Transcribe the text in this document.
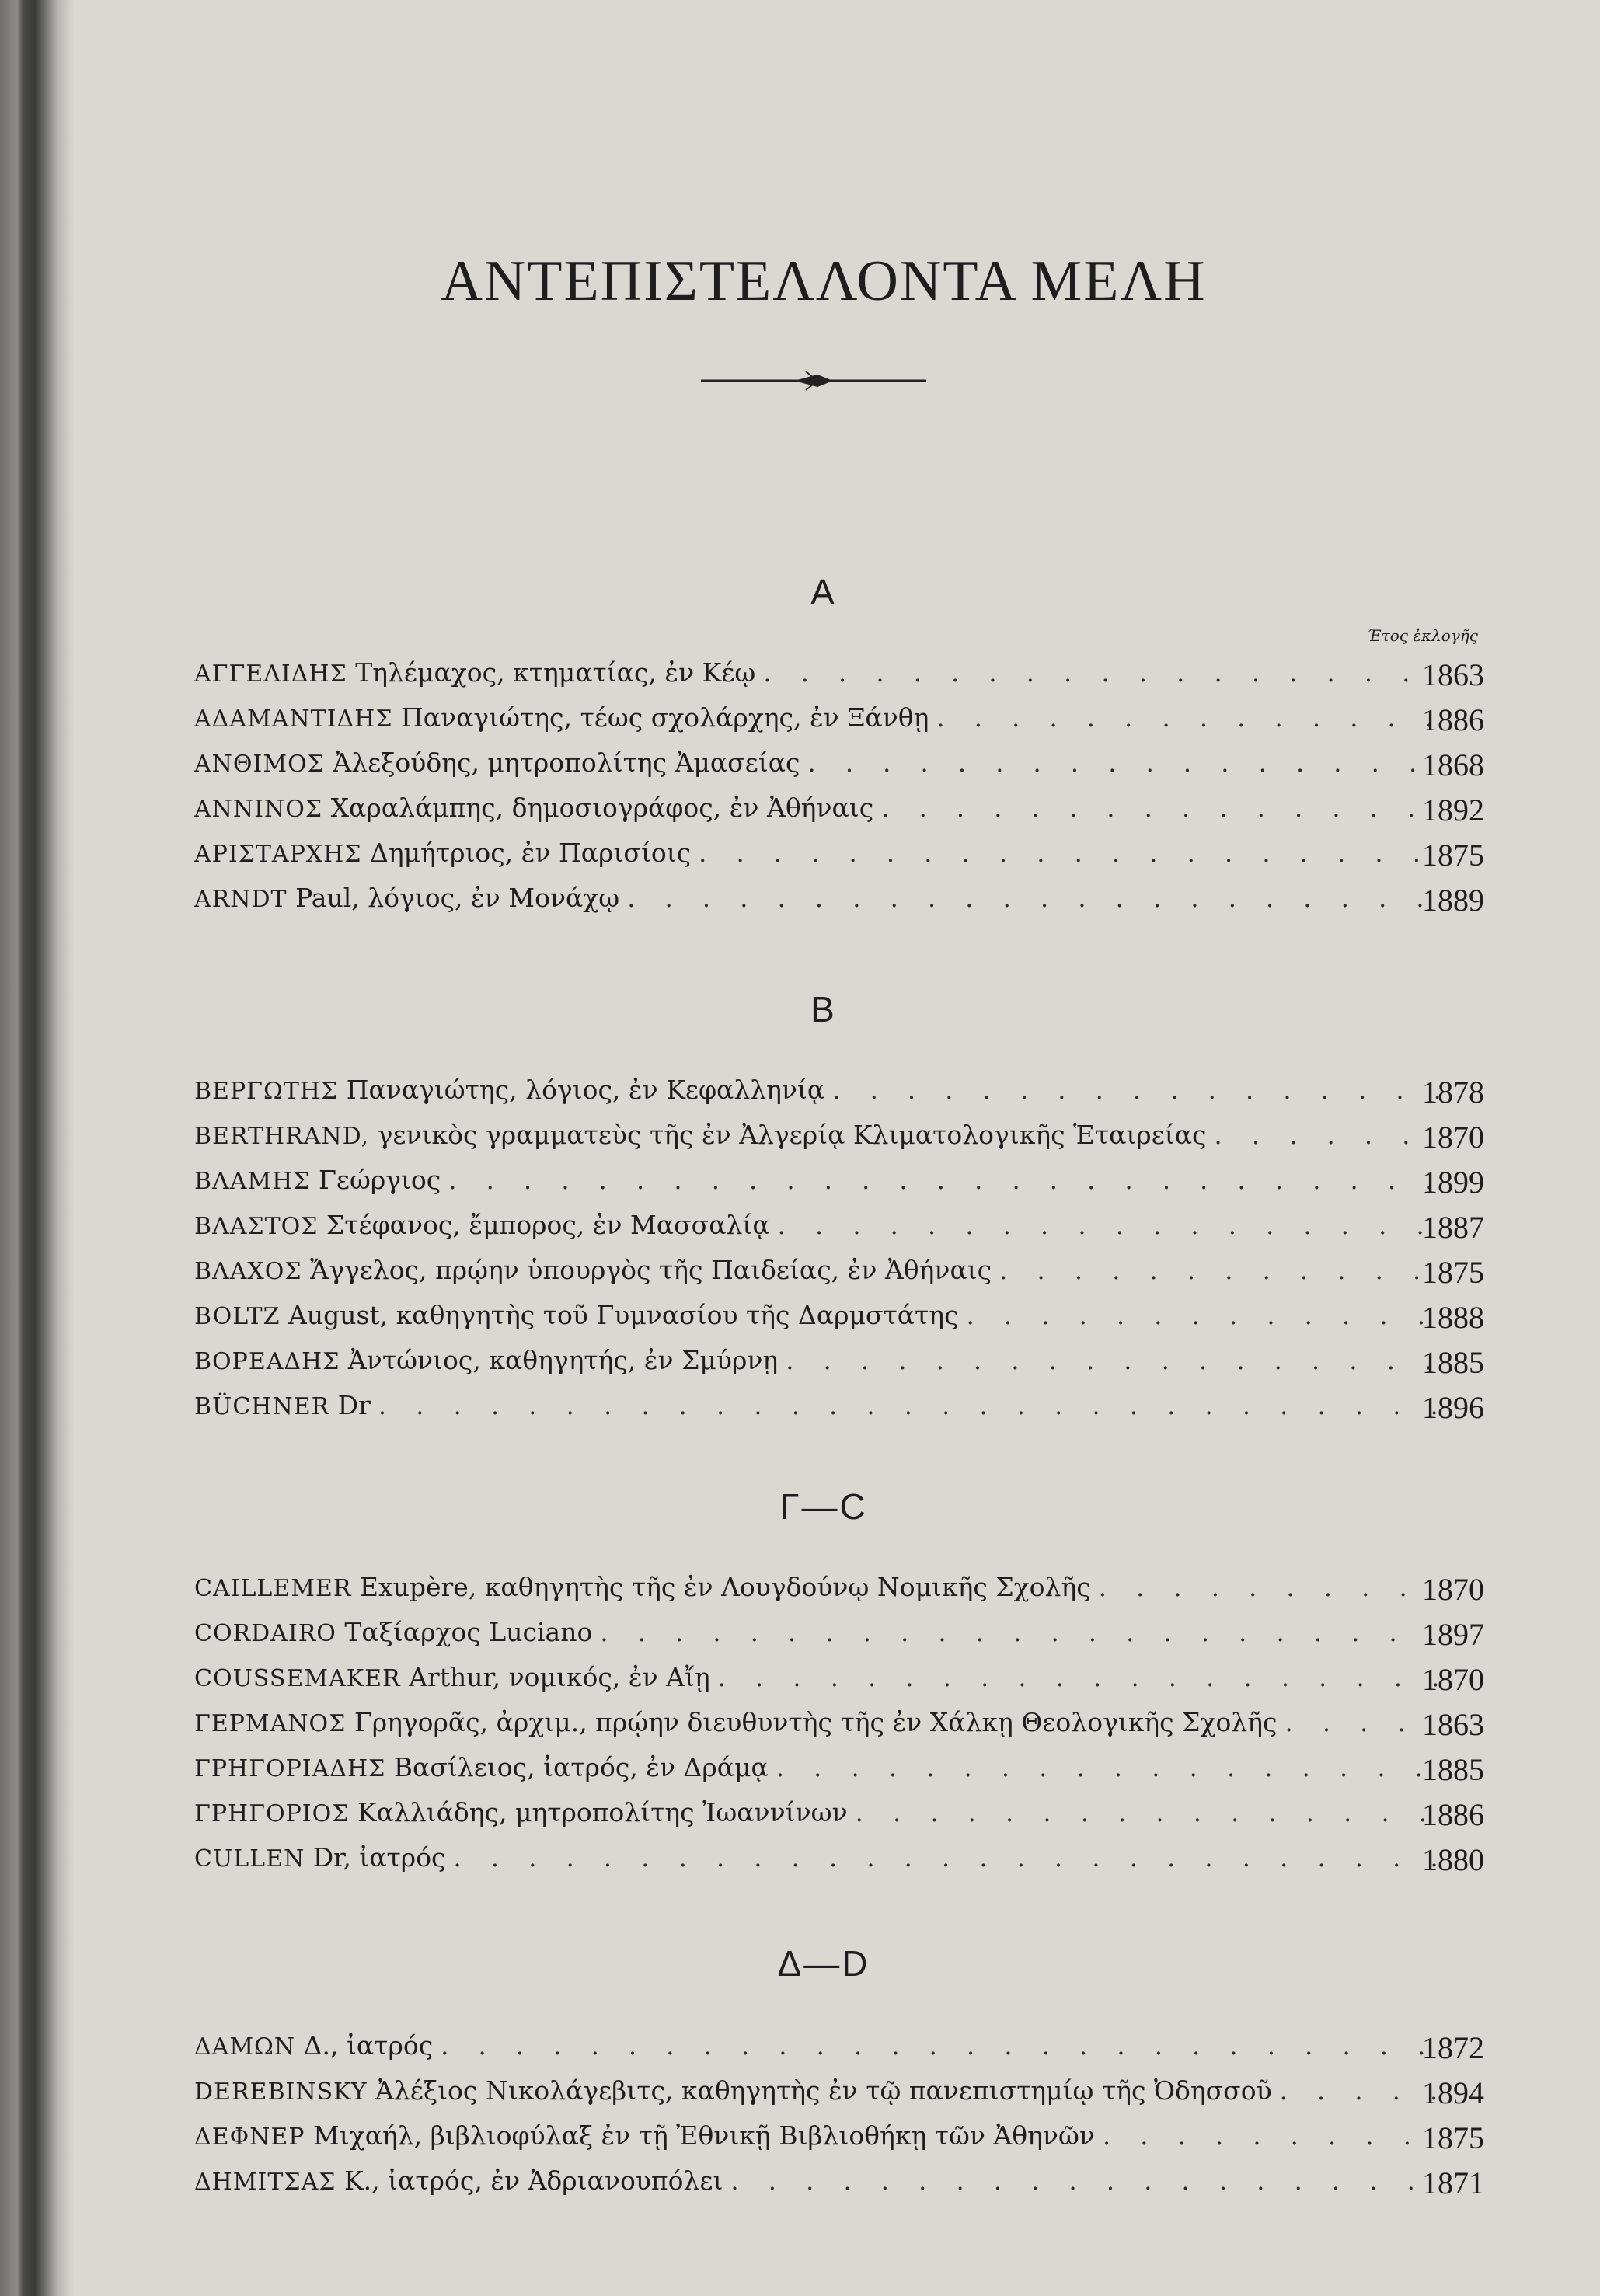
ΑΝΤΕΠΙΣΤΕΛΛΟΝΤΑ ΜΕΛΗ
Έτος ἐκλογῆς
A
ΑΓΓΕΛΙΔΗΣ Τηλέμαχος, κτηματίας, ἐν Κέῳ . . .	1863
ΑΔΑΜΑΝΤΙΔΗΣ Παναγιώτης, τέως σχολάρχης, ἐν Ξάνθῃ . . .	1886
ΑΝΘΙΜΟΣ Ἀλεξούδης, μητροπολίτης Ἀμασείας . . .	1868
ΑΝΝΙΝΟΣ Χαραλάμπης, δημοσιογράφος, ἐν Ἀθήναις . . .	1892
ΑΡΙΣΤΑΡΧΗΣ Δημήτριος, ἐν Παρισίοις . . .	1875
ARNDT Paul, λόγιος, ἐν Μονάχῳ . . .	1889
B
ΒΕΡΓΩΤΗΣ Παναγιώτης, λόγιος, ἐν Κεφαλληνίᾳ . . .	1878
BERTHRAND, γενικὸς γραμματεὺς τῆς ἐν Ἀλγερίᾳ Κλιματολογικῆς Ἑταιρείας . . .	1870
ΒΛΑΜΗΣ Γεώργιος . . .	1899
ΒΛΑΣΤΟΣ Στέφανος, ἔμπορος, ἐν Μασσαλίᾳ . . .	1887
ΒΛΑΧΟΣ Ἄγγελος, πρῴην ὑπουργὸς τῆς Παιδείας, ἐν Ἀθήναις . . .	1875
BOLTZ August, καθηγητὴς τοῦ Γυμνασίου τῆς Δαρμστάτης . . .	1888
ΒΟΡΕΑΔΗΣ Ἀντώνιος, καθηγητής, ἐν Σμύρνῃ . . .	1885
BÜCHNER Dr . . .	1896
Γ—C
CAILLEMER Exupère, καθηγητὴς τῆς ἐν Λουγδούνῳ Νομικῆς Σχολῆς . . .	1870
CORDAIRO Ταξίαρχος Luciano . . .	1897
COUSSEMAKER Arthur, νομικός, ἐν Αἴῃ . . .	1870
ΓΕΡΜΑΝΟΣ Γρηγορᾶς, ἀρχιμ., πρῴην διευθυντὴς τῆς ἐν Χάλκῃ Θεολογικῆς Σχολῆς . . .	1863
ΓΡΗΓΟΡΙΑΔΗΣ Βασίλειος, ἰατρός, ἐν Δράμᾳ . . .	1885
ΓΡΗΓΟΡΙΟΣ Καλλιάδης, μητροπολίτης Ἰωαννίνων . . .	1886
CULLEN Dr, ἰατρός . . .	1880
Δ—D
ΔΑΜΩΝ Δ., ἰατρός . . .	1872
DEREBINSKY Ἀλέξιος Νικολάγεβιτς, καθηγητὴς ἐν τῷ πανεπιστημίῳ τῆς Ὀδησσοῦ . . .	1894
ΔΕΦΝΕΡ Μιχαήλ, βιβλιοφύλαξ ἐν τῇ Ἐθνικῇ Βιβλιοθήκῃ τῶν Ἀθηνῶν . . .	1875
ΔΗΜΙΤΣΑΣ Κ., ἰατρός, ἐν Ἀδριανουπόλει . . .	1871
